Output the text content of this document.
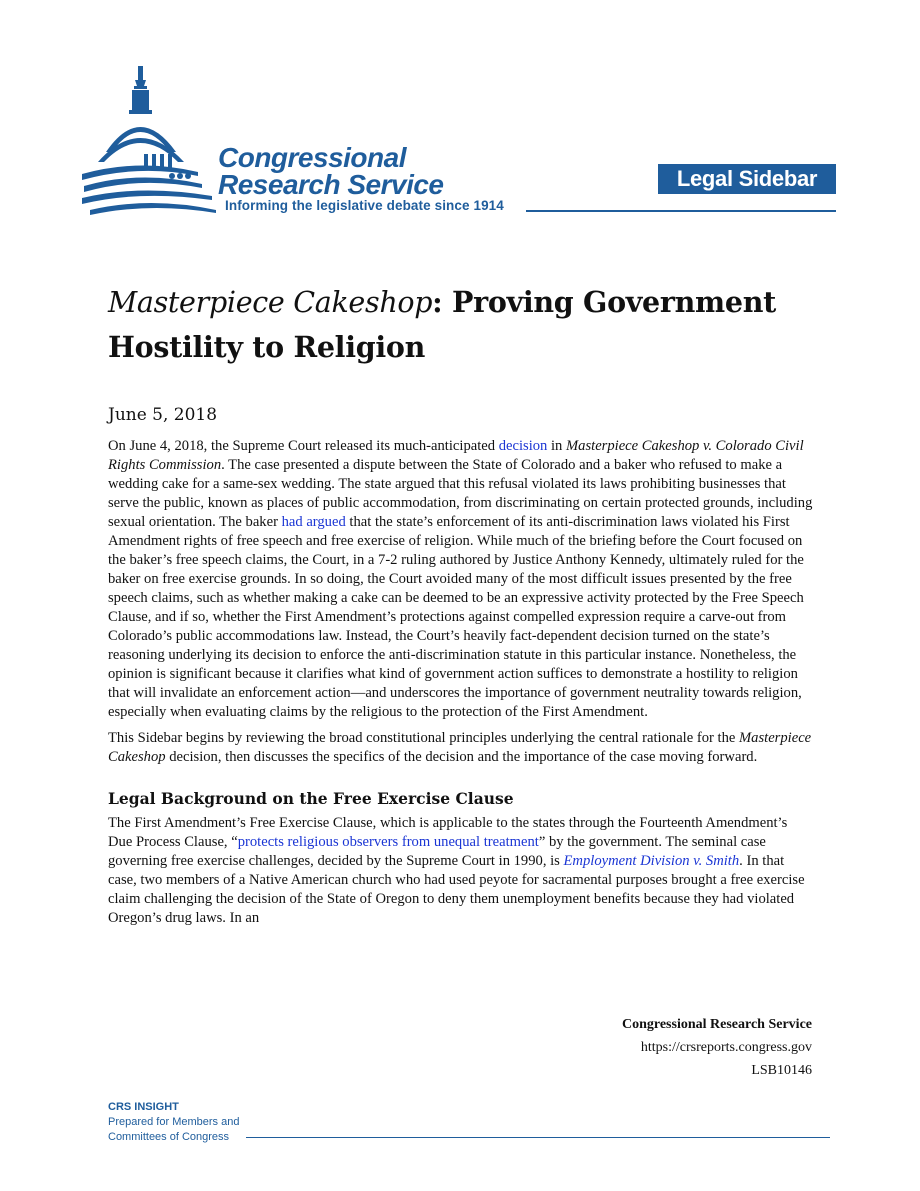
Congressional
Research Service
Informing the legislative debate since 1914
Legal Sidebar
Masterpiece Cakeshop: Proving Government Hostility to Religion
June 5, 2018

On June 4, 2018, the Supreme Court released its much-anticipated decision in Masterpiece Cakeshop v. Colorado Civil Rights Commission. The case presented a dispute between the State of Colorado and a baker who refused to make a wedding cake for a same-sex wedding. The state argued that this refusal violated its laws prohibiting businesses that serve the public, known as places of public accommodation, from discriminating on certain protected grounds, including sexual orientation. The baker had argued that the state’s enforcement of its anti-discrimination laws violated his First Amendment rights of free speech and free exercise of religion. While much of the briefing before the Court focused on the baker’s free speech claims, the Court, in a 7-2 ruling authored by Justice Anthony Kennedy, ultimately ruled for the baker on free exercise grounds. In so doing, the Court avoided many of the most difficult issues presented by the free speech claims, such as whether making a cake can be deemed to be an expressive activity protected by the Free Speech Clause, and if so, whether the First Amendment’s protections against compelled expression require a carve-out from Colorado’s public accommodations law. Instead, the Court’s heavily fact-dependent decision turned on the state’s reasoning underlying its decision to enforce the anti-discrimination statute in this particular instance. Nonetheless, the opinion is significant because it clarifies what kind of government action suffices to demonstrate a hostility to religion that will invalidate an enforcement action—and underscores the importance of government neutrality towards religion, especially when evaluating claims by the religious to the protection of the First Amendment.

This Sidebar begins by reviewing the broad constitutional principles underlying the central rationale for the Masterpiece Cakeshop decision, then discusses the specifics of the decision and the importance of the case moving forward.

Legal Background on the Free Exercise Clause

The First Amendment’s Free Exercise Clause, which is applicable to the states through the Fourteenth Amendment’s Due Process Clause, “protects religious observers from unequal treatment” by the government. The seminal case governing free exercise challenges, decided by the Supreme Court in 1990, is Employment Division v. Smith. In that case, two members of a Native American church who had used peyote for sacramental purposes brought a free exercise claim challenging the decision of the State of Oregon to deny them unemployment benefits because they had violated Oregon’s drug laws. In an

Congressional Research Service
https://crsreports.congress.gov
LSB10146
CRS INSIGHT
Prepared for Members and
Committees of Congress
